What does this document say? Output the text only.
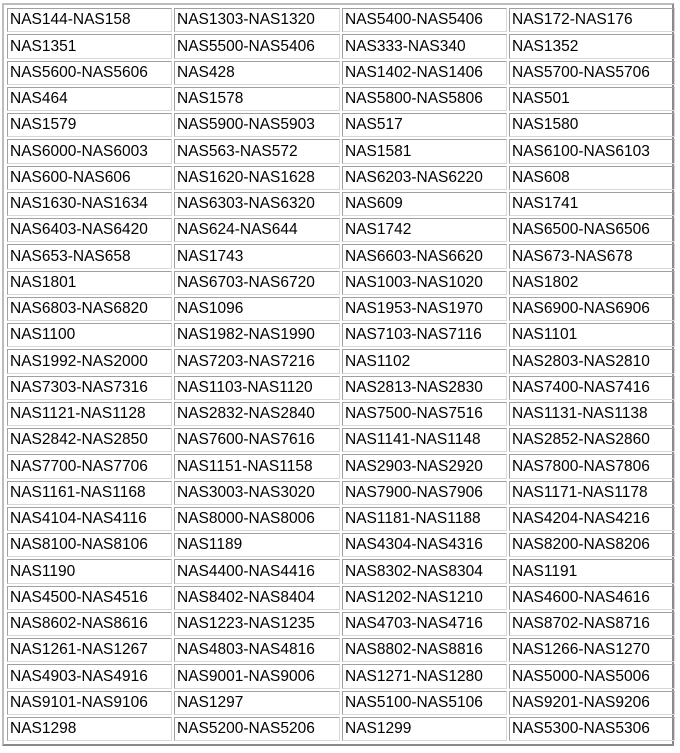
NAS144-NAS158	NAS1303-NAS1320	NAS5400-NAS5406	NAS172-NAS176
NAS1351	NAS5500-NAS5406	NAS333-NAS340	NAS1352
NAS5600-NAS5606	NAS428	NAS1402-NAS1406	NAS5700-NAS5706
NAS464	NAS1578	NAS5800-NAS5806	NAS501
NAS1579	NAS5900-NAS5903	NAS517	NAS1580
NAS6000-NAS6003	NAS563-NAS572	NAS1581	NAS6100-NAS6103
NAS600-NAS606	NAS1620-NAS1628	NAS6203-NAS6220	NAS608
NAS1630-NAS1634	NAS6303-NAS6320	NAS609	NAS1741
NAS6403-NAS6420	NAS624-NAS644	NAS1742	NAS6500-NAS6506
NAS653-NAS658	NAS1743	NAS6603-NAS6620	NAS673-NAS678
NAS1801	NAS6703-NAS6720	NAS1003-NAS1020	NAS1802
NAS6803-NAS6820	NAS1096	NAS1953-NAS1970	NAS6900-NAS6906
NAS1100	NAS1982-NAS1990	NAS7103-NAS7116	NAS1101
NAS1992-NAS2000	NAS7203-NAS7216	NAS1102	NAS2803-NAS2810
NAS7303-NAS7316	NAS1103-NAS1120	NAS2813-NAS2830	NAS7400-NAS7416
NAS1121-NAS1128	NAS2832-NAS2840	NAS7500-NAS7516	NAS1131-NAS1138
NAS2842-NAS2850	NAS7600-NAS7616	NAS1141-NAS1148	NAS2852-NAS2860
NAS7700-NAS7706	NAS1151-NAS1158	NAS2903-NAS2920	NAS7800-NAS7806
NAS1161-NAS1168	NAS3003-NAS3020	NAS7900-NAS7906	NAS1171-NAS1178
NAS4104-NAS4116	NAS8000-NAS8006	NAS1181-NAS1188	NAS4204-NAS4216
NAS8100-NAS8106	NAS1189	NAS4304-NAS4316	NAS8200-NAS8206
NAS1190	NAS4400-NAS4416	NAS8302-NAS8304	NAS1191
NAS4500-NAS4516	NAS8402-NAS8404	NAS1202-NAS1210	NAS4600-NAS4616
NAS8602-NAS8616	NAS1223-NAS1235	NAS4703-NAS4716	NAS8702-NAS8716
NAS1261-NAS1267	NAS4803-NAS4816	NAS8802-NAS8816	NAS1266-NAS1270
NAS4903-NAS4916	NAS9001-NAS9006	NAS1271-NAS1280	NAS5000-NAS5006
NAS9101-NAS9106	NAS1297	NAS5100-NAS5106	NAS9201-NAS9206
NAS1298	NAS5200-NAS5206	NAS1299	NAS5300-NAS5306
